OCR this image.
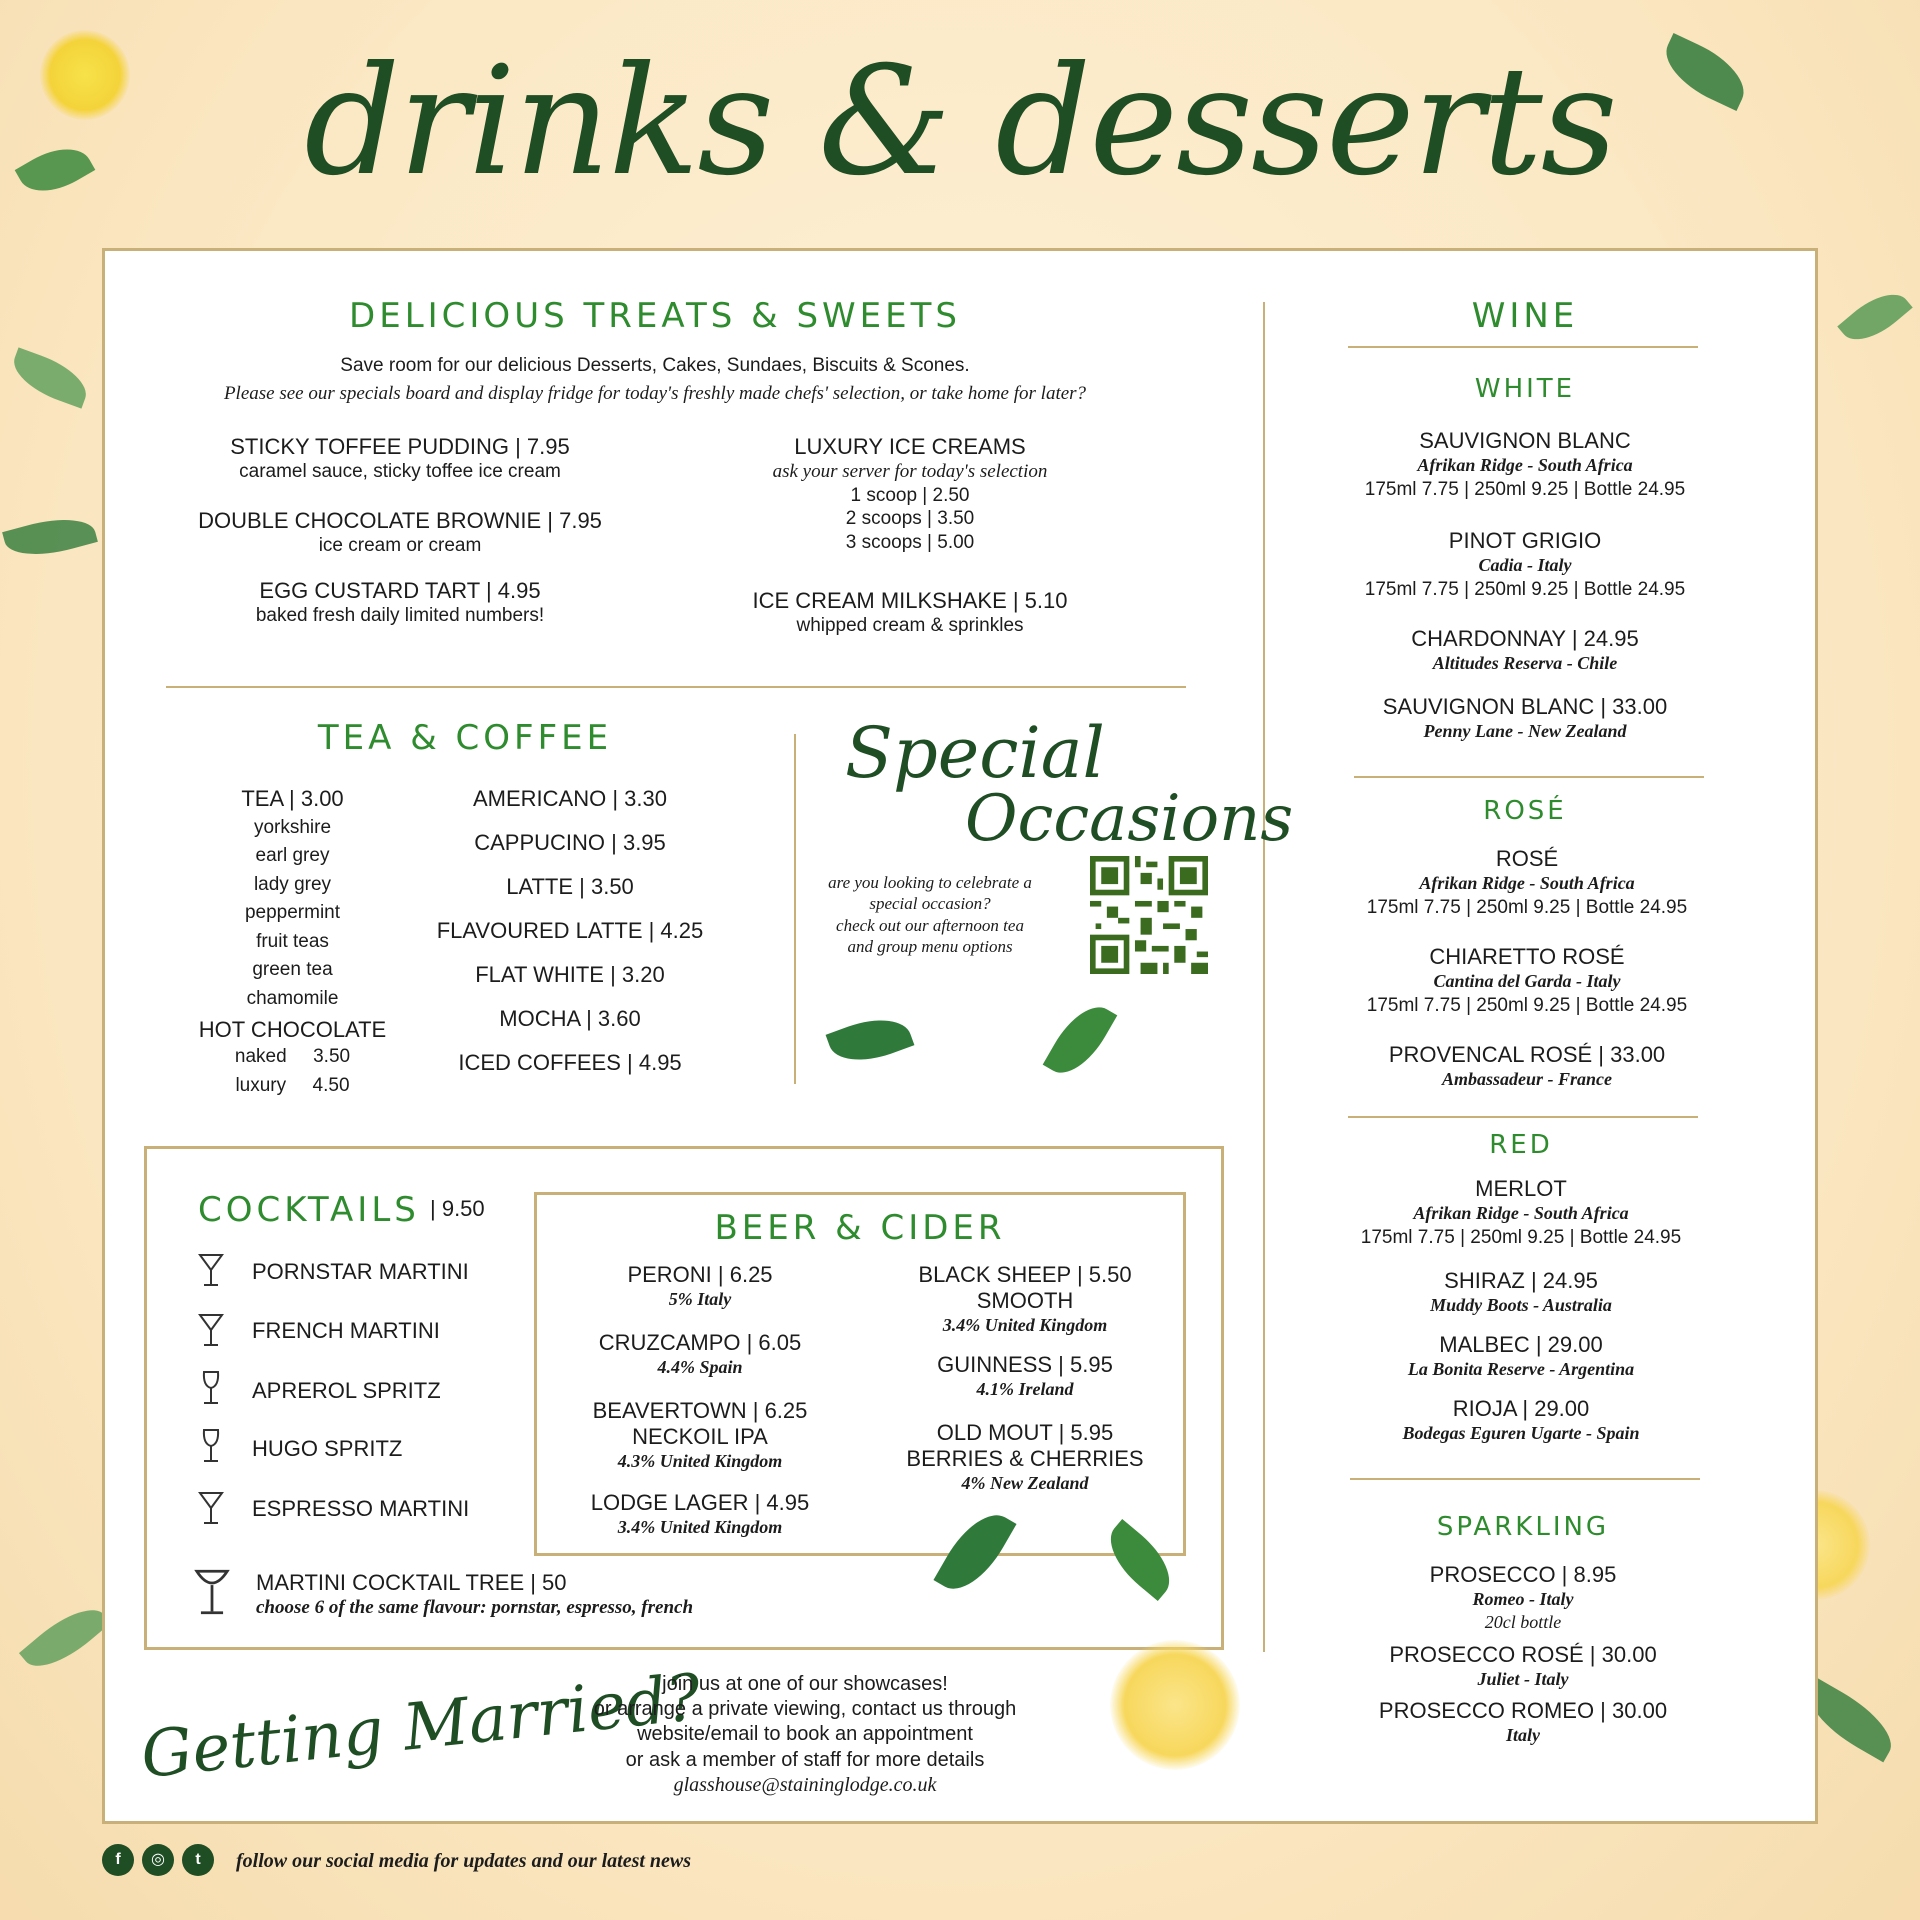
drinks & desserts
DELICIOUS TREATS & SWEETS
Save room for our delicious Desserts, Cakes, Sundaes, Biscuits & Scones.
Please see our specials board and display fridge for today's freshly made chefs' selection, or take home for later?
STICKY TOFFEE PUDDING | 7.95
caramel sauce, sticky toffee ice cream
DOUBLE CHOCOLATE BROWNIE | 7.95
ice cream or cream
EGG CUSTARD TART | 4.95
baked fresh daily limited numbers!
LUXURY ICE CREAMS
ask your server for today's selection
1 scoop | 2.50
2 scoops | 3.50
3 scoops | 5.00
ICE CREAM MILKSHAKE | 5.10
whipped cream & sprinkles
TEA & COFFEE
TEA | 3.00
yorkshire
earl grey
lady grey
peppermint
fruit teas
green tea
chamomile
HOT CHOCOLATE
naked 3.50
luxury 4.50
AMERICANO | 3.30
CAPPUCINO | 3.95
LATTE | 3.50
FLAVOURED LATTE | 4.25
FLAT WHITE | 3.20
MOCHA | 3.60
ICED COFFEES | 4.95
Special
Occasions
are you looking to celebrate a
special occasion?
check out our afternoon tea
and group menu options
COCKTAILS | 9.50
PORNSTAR MARTINI
FRENCH MARTINI
APREROL SPRITZ
HUGO SPRITZ
ESPRESSO MARTINI
MARTINI COCKTAIL TREE | 50
choose 6 of the same flavour: pornstar, espresso, french
BEER & CIDER
PERONI | 6.25
5% Italy
CRUZCAMPO | 6.05
4.4% Spain
BEAVERTOWN | 6.25
NECKOIL IPA
4.3% United Kingdom
LODGE LAGER | 4.95
3.4% United Kingdom
BLACK SHEEP | 5.50
SMOOTH
3.4% United Kingdom
GUINNESS | 5.95
4.1% Ireland
OLD MOUT | 5.95
BERRIES & CHERRIES
4% New Zealand
Getting Married?
join us at one of our showcases!
or arrange a private viewing, contact us through
website/email to book an appointment
or ask a member of staff for more details
glasshouse@staininglodge.co.uk
f	◎	t	follow our social media for updates and our latest news
WINE
WHITE
SAUVIGNON BLANC
Afrikan Ridge - South Africa
175ml 7.75 | 250ml 9.25 | Bottle 24.95
PINOT GRIGIO
Cadia - Italy
175ml 7.75 | 250ml 9.25 | Bottle 24.95
CHARDONNAY | 24.95
Altitudes Reserva - Chile
SAUVIGNON BLANC | 33.00
Penny Lane - New Zealand
ROSÉ
ROSÉ
Afrikan Ridge - South Africa
175ml 7.75 | 250ml 9.25 | Bottle 24.95
CHIARETTO ROSÉ
Cantina del Garda - Italy
175ml 7.75 | 250ml 9.25 | Bottle 24.95
PROVENCAL ROSÉ | 33.00
Ambassadeur - France
RED
MERLOT
Afrikan Ridge - South Africa
175ml 7.75 | 250ml 9.25 | Bottle 24.95
SHIRAZ | 24.95
Muddy Boots - Australia
MALBEC | 29.00
La Bonita Reserve - Argentina
RIOJA | 29.00
Bodegas Eguren Ugarte - Spain
SPARKLING
PROSECCO | 8.95
Romeo - Italy
20cl bottle
PROSECCO ROSÉ | 30.00
Juliet - Italy
PROSECCO ROMEO | 30.00
Italy
